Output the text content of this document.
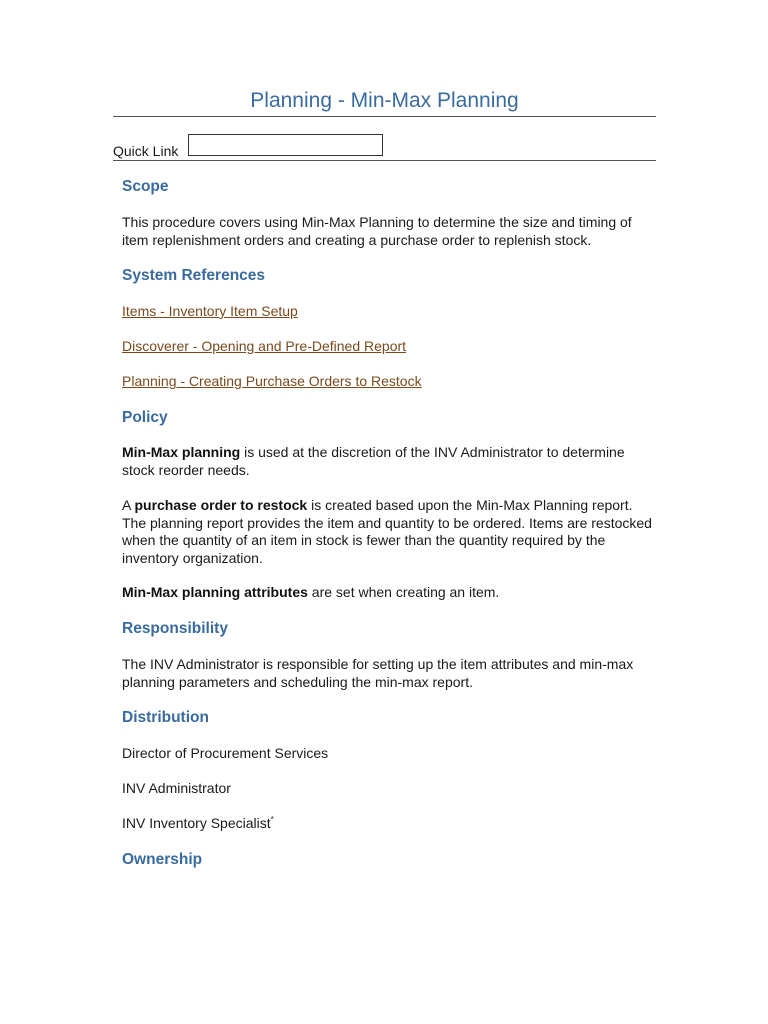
Planning - Min-Max Planning
Quick Link
Scope
This procedure covers using Min-Max Planning to determine the size and timing of item replenishment orders and creating a purchase order to replenish stock.
System References
Items - Inventory Item Setup
Discoverer - Opening and Pre-Defined Report
Planning - Creating Purchase Orders to Restock
Policy
Min-Max planning is used at the discretion of the INV Administrator to determine stock reorder needs.
A purchase order to restock is created based upon the Min-Max Planning report. The planning report provides the item and quantity to be ordered. Items are restocked when the quantity of an item in stock is fewer than the quantity required by the inventory organization.
Min-Max planning attributes are set when creating an item.
Responsibility
The INV Administrator is responsible for setting up the item attributes and min-max planning parameters and scheduling the min-max report.
Distribution
Director of Procurement Services
INV Administrator
INV Inventory Specialist*
Ownership
